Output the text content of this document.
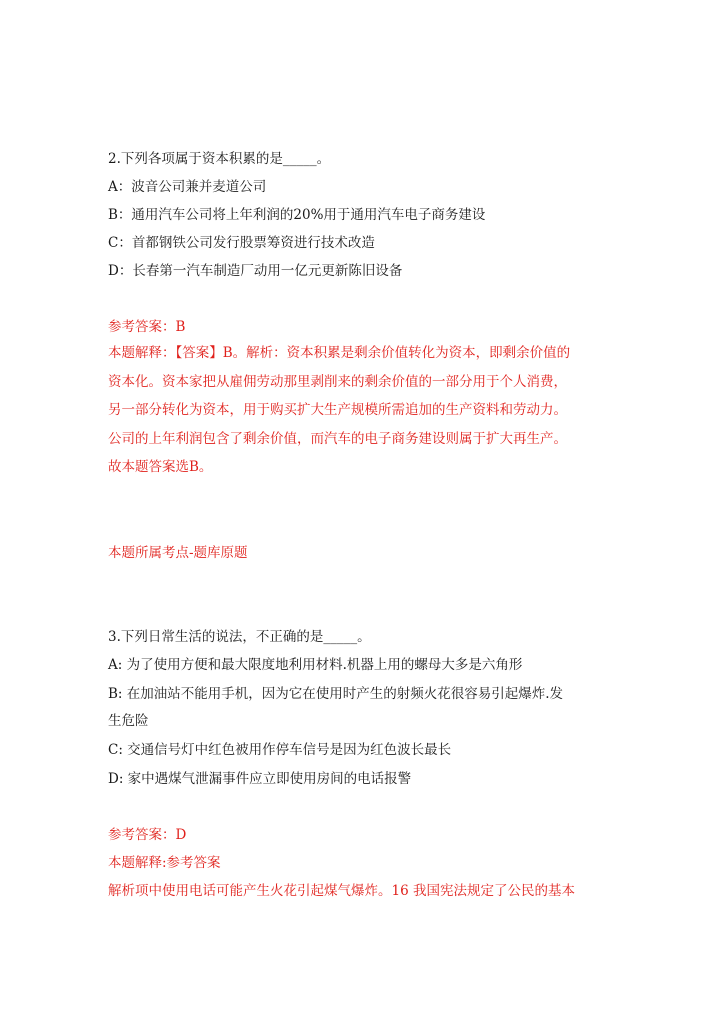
2.下列各项属于资本积累的是_____。
A：波音公司兼并麦道公司
B：通用汽车公司将上年利润的20%用于通用汽车电子商务建设
C：首都钢铁公司发行股票筹资进行技术改造
D：长春第一汽车制造厂动用一亿元更新陈旧设备
参考答案：B
本题解释：【答案】B。解析：资本积累是剩余价值转化为资本，即剩余价值的
资本化。资本家把从雇佣劳动那里剥削来的剩余价值的一部分用于个人消费，
另一部分转化为资本，用于购买扩大生产规模所需追加的生产资料和劳动力。
公司的上年利润包含了剩余价值，而汽车的电子商务建设则属于扩大再生产。
故本题答案选B。
本题所属考点-题库原题
3.下列日常生活的说法，不正确的是_____。
A: 为了使用方便和最大限度地利用材料.机器上用的螺母大多是六角形
B: 在加油站不能用手机，因为它在使用时产生的射频火花很容易引起爆炸.发
生危险
C: 交通信号灯中红色被用作停车信号是因为红色波长最长
D: 家中遇煤气泄漏事件应立即使用房间的电话报警
参考答案：D
本题解释:参考答案
解析项中使用电话可能产生火花引起煤气爆炸。16 我国宪法规定了公民的基本
